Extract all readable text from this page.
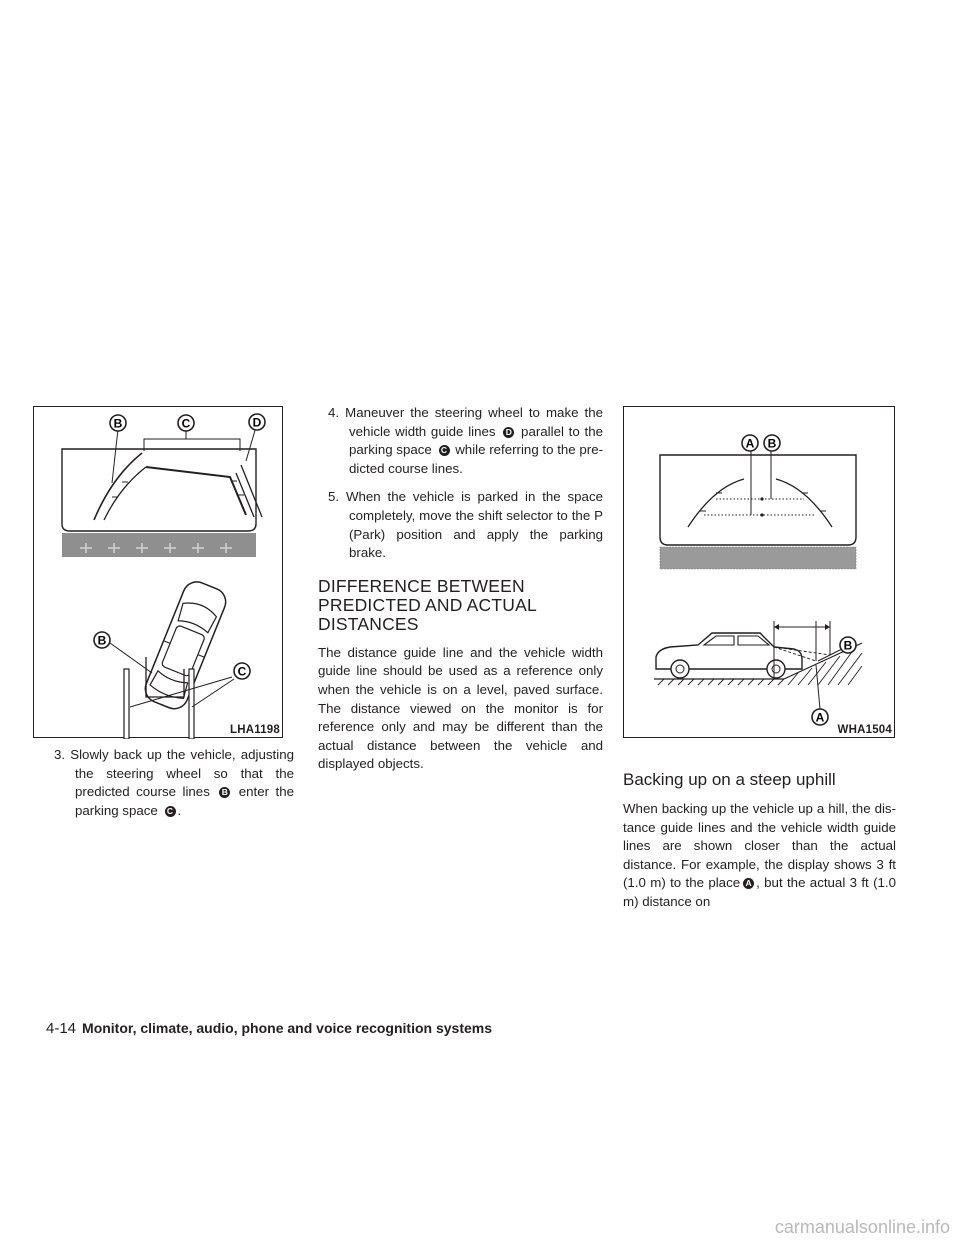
B	C	D
B
C
LHA1198

3. Slowly back up the vehicle, adjusting the steering wheel so that the predicted course lines B enter the parking space C .

4. Maneuver the steering wheel to make the vehicle width guide lines D parallel to the parking space C while referring to the pre- dicted course lines.

5. When the vehicle is parked in the space completely, move the shift selector to the P (Park) position and apply the parking brake.

DIFFERENCE BETWEEN PREDICTED AND ACTUAL DISTANCES

The distance guide line and the vehicle width guide line should be used as a reference only when the vehicle is on a level, paved surface. The distance viewed on the monitor is for reference only and may be different than the actual distance between the vehicle and displayed objects.

A B
B
A
WHA1504
Backing up on a steep uphill

When backing up the vehicle up a hill, the dis- tance guide lines and the vehicle width guide lines are shown closer than the actual distance. For example, the display shows 3 ft (1.0 m) to the place A , but the actual 3 ft (1.0 m) distance on

4-14 Monitor, climate, audio, phone and voice recognition systems
carmanualsonline.info
